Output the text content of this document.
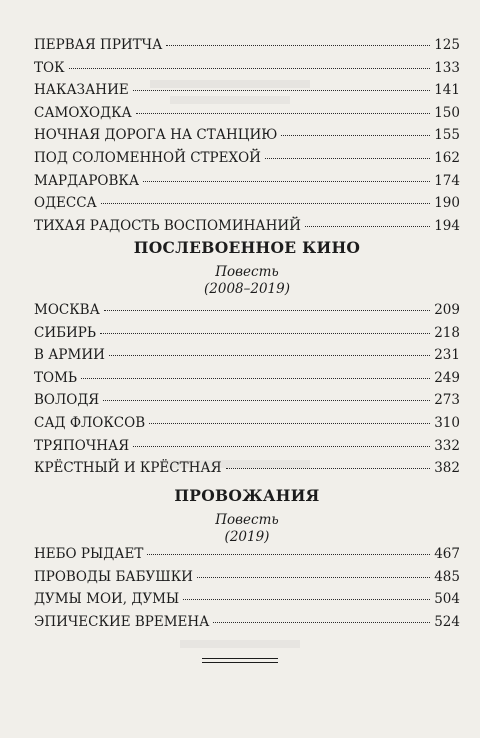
ПЕРВАЯ ПРИТЧА	125
ТОК	133
НАКАЗАНИЕ	141
САМОХОДКА	150
НОЧНАЯ ДОРОГА НА СТАНЦИЮ	155
ПОД СОЛОМЕННОЙ СТРЕХОЙ	162
МАРДАРОВКА	174
ОДЕССА	190
ТИХАЯ РАДОСТЬ ВОСПОМИНАНИЙ	194
ПОСЛЕВОЕННОЕ КИНО
Повесть
(2008–2019)
МОСКВА	209
СИБИРЬ	218
В АРМИИ	231
ТОМЬ	249
ВОЛОДЯ	273
САД ФЛОКСОВ	310
ТРЯПОЧНАЯ	332
КРЁСТНЫЙ И КРЁСТНАЯ	382
ПРОВОЖАНИЯ
Повесть
(2019)
НЕБО РЫДАЕТ	467
ПРОВОДЫ БАБУШКИ	485
ДУМЫ МОИ, ДУМЫ	504
ЭПИЧЕСКИЕ ВРЕМЕНА	524
